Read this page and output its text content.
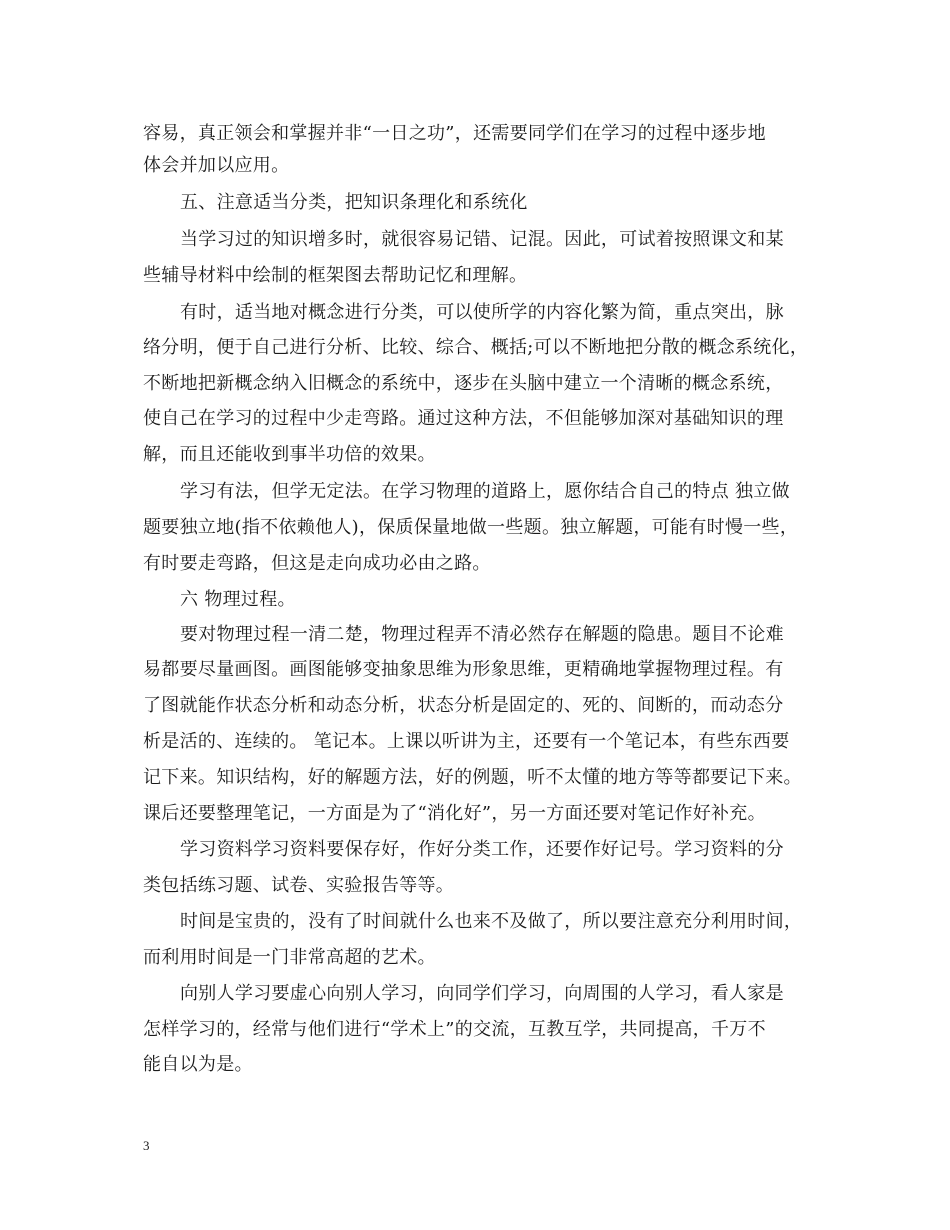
容易，真正领会和掌握并非“一日之功”，还需要同学们在学习的过程中逐步地
体会并加以应用。
五、注意适当分类，把知识条理化和系统化
当学习过的知识增多时，就很容易记错、记混。因此，可试着按照课文和某
些辅导材料中绘制的框架图去帮助记忆和理解。
有时，适当地对概念进行分类，可以使所学的内容化繁为简，重点突出，脉
络分明，便于自己进行分析、比较、综合、概括;可以不断地把分散的概念系统化，
不断地把新概念纳入旧概念的系统中，逐步在头脑中建立一个清晰的概念系统，
使自己在学习的过程中少走弯路。通过这种方法，不但能够加深对基础知识的理
解，而且还能收到事半功倍的效果。
学习有法，但学无定法。在学习物理的道路上，愿你结合自己的特点 独立做
题要独立地(指不依赖他人)，保质保量地做一些题。独立解题，可能有时慢一些，
有时要走弯路，但这是走向成功必由之路。
六 物理过程。
要对物理过程一清二楚，物理过程弄不清必然存在解题的隐患。题目不论难
易都要尽量画图。画图能够变抽象思维为形象思维，更精确地掌握物理过程。有
了图就能作状态分析和动态分析，状态分析是固定的、死的、间断的，而动态分
析是活的、连续的。 笔记本。上课以听讲为主，还要有一个笔记本，有些东西要
记下来。知识结构，好的解题方法，好的例题，听不太懂的地方等等都要记下来。
课后还要整理笔记，一方面是为了“消化好”，另一方面还要对笔记作好补充。
学习资料学习资料要保存好，作好分类工作，还要作好记号。学习资料的分
类包括练习题、试卷、实验报告等等。
时间是宝贵的，没有了时间就什么也来不及做了，所以要注意充分利用时间，
而利用时间是一门非常高超的艺术。
向别人学习要虚心向别人学习，向同学们学习，向周围的人学习，看人家是
怎样学习的，经常与他们进行“学术上”的交流，互教互学，共同提高，千万不
能自以为是。
3
